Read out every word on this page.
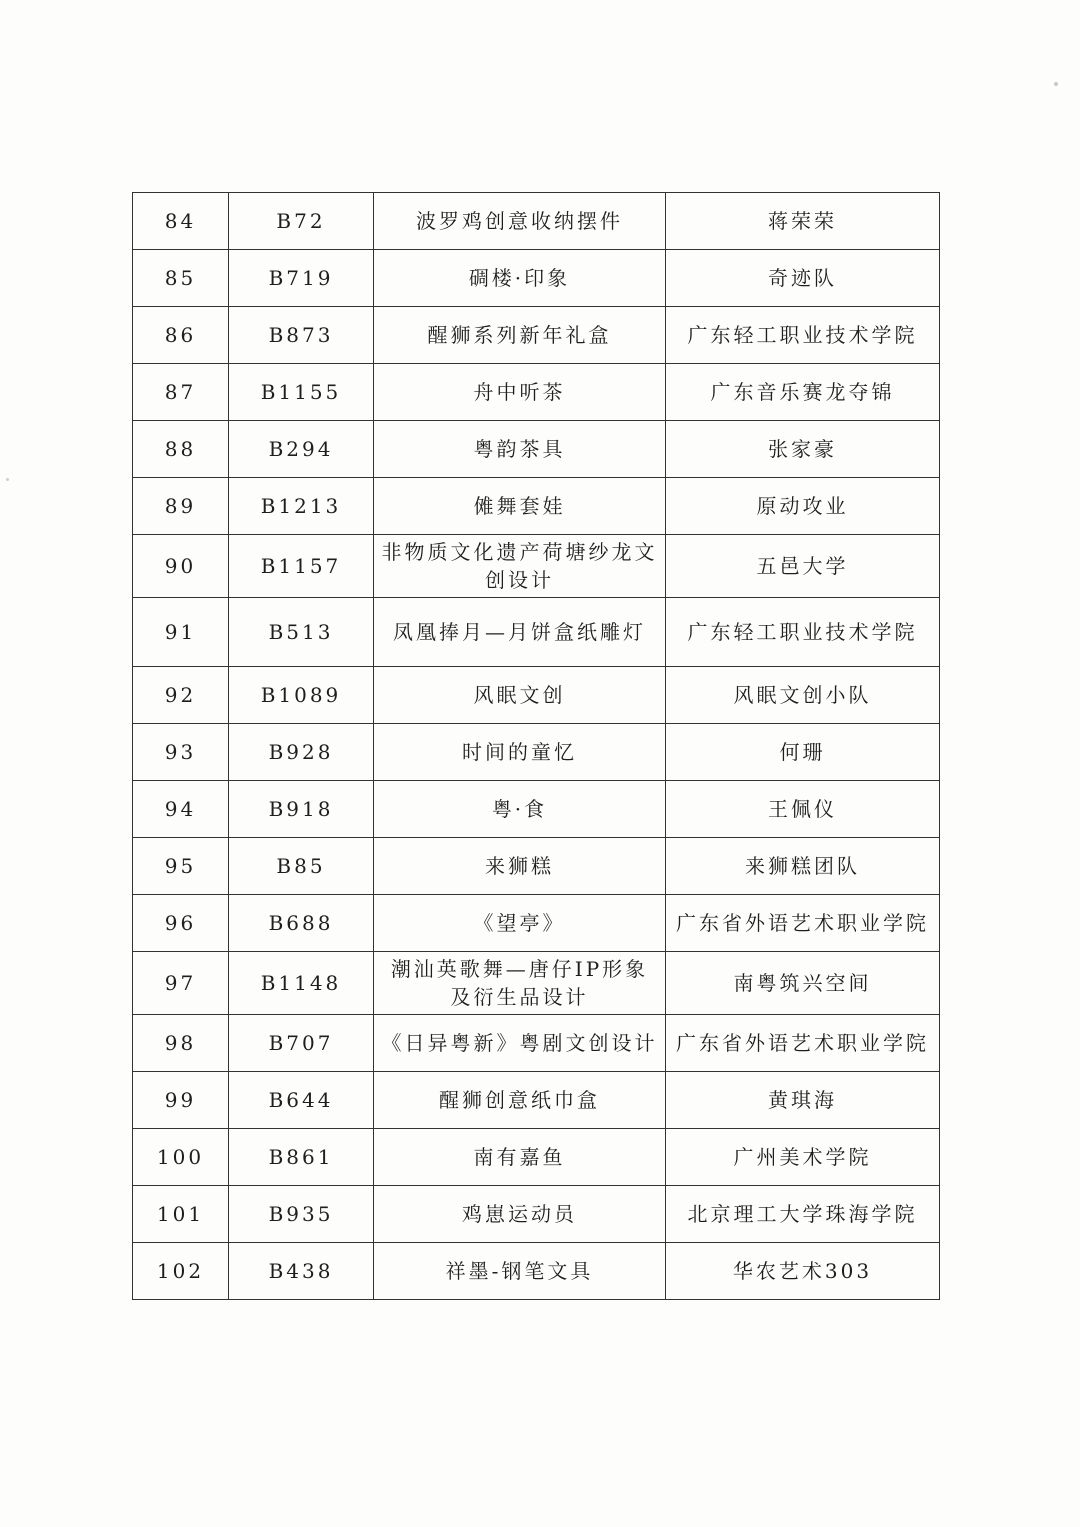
84	B72	波罗鸡创意收纳摆件	蒋荣荣
85	B719	碉楼·印象	奇迹队
86	B873	醒狮系列新年礼盒	广东轻工职业技术学院
87	B1155	舟中听茶	广东音乐赛龙夺锦
88	B294	粤韵茶具	张家豪
89	B1213	傩舞套娃	原动攻业
90	B1157	非物质文化遗产荷塘纱龙文创设计	五邑大学
91	B513	凤凰捧月—月饼盒纸雕灯	广东轻工职业技术学院
92	B1089	风眠文创	风眠文创小队
93	B928	时间的童忆	何珊
94	B918	粤·食	王佩仪
95	B85	来狮糕	来狮糕团队
96	B688	《望亭》	广东省外语艺术职业学院
97	B1148	潮汕英歌舞—唐仔IP形象及衍生品设计	南粤筑兴空间
98	B707	《日异粤新》粤剧文创设计	广东省外语艺术职业学院
99	B644	醒狮创意纸巾盒	黄琪海
100	B861	南有嘉鱼	广州美术学院
101	B935	鸡崽运动员	北京理工大学珠海学院
102	B438	祥墨-钢笔文具	华农艺术303
